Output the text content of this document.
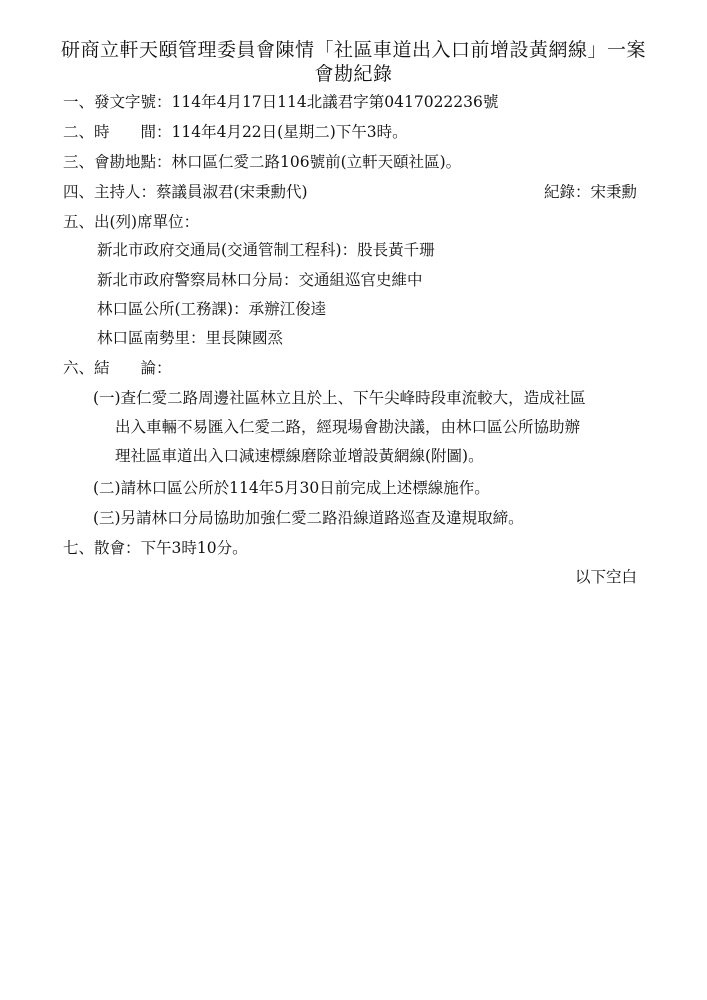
研商立軒天頤管理委員會陳情「社區車道出入口前增設黃網線」一案
會勘紀錄
一、發文字號：114年4月17日114北議君字第0417022236號
二、時　　間：114年4月22日(星期二)下午3時。
三、會勘地點：林口區仁愛二路106號前(立軒天頤社區)。
四、主持人：蔡議員淑君(宋秉勳代)	紀錄：宋秉勳
五、出(列)席單位：
新北市政府交通局(交通管制工程科)：股長黃千珊
新北市政府警察局林口分局：交通組巡官史維中
林口區公所(工務課)：承辦江俊逵
林口區南勢里：里長陳國烝
六、結　　論：
(一)查仁愛二路周邊社區林立且於上、下午尖峰時段車流較大，造成社區
出入車輛不易匯入仁愛二路，經現場會勘決議，由林口區公所協助辦
理社區車道出入口減速標線磨除並增設黃網線(附圖)。
(二)請林口區公所於114年5月30日前完成上述標線施作。
(三)另請林口分局協助加強仁愛二路沿線道路巡查及違規取締。
七、散會：下午3時10分。
以下空白
